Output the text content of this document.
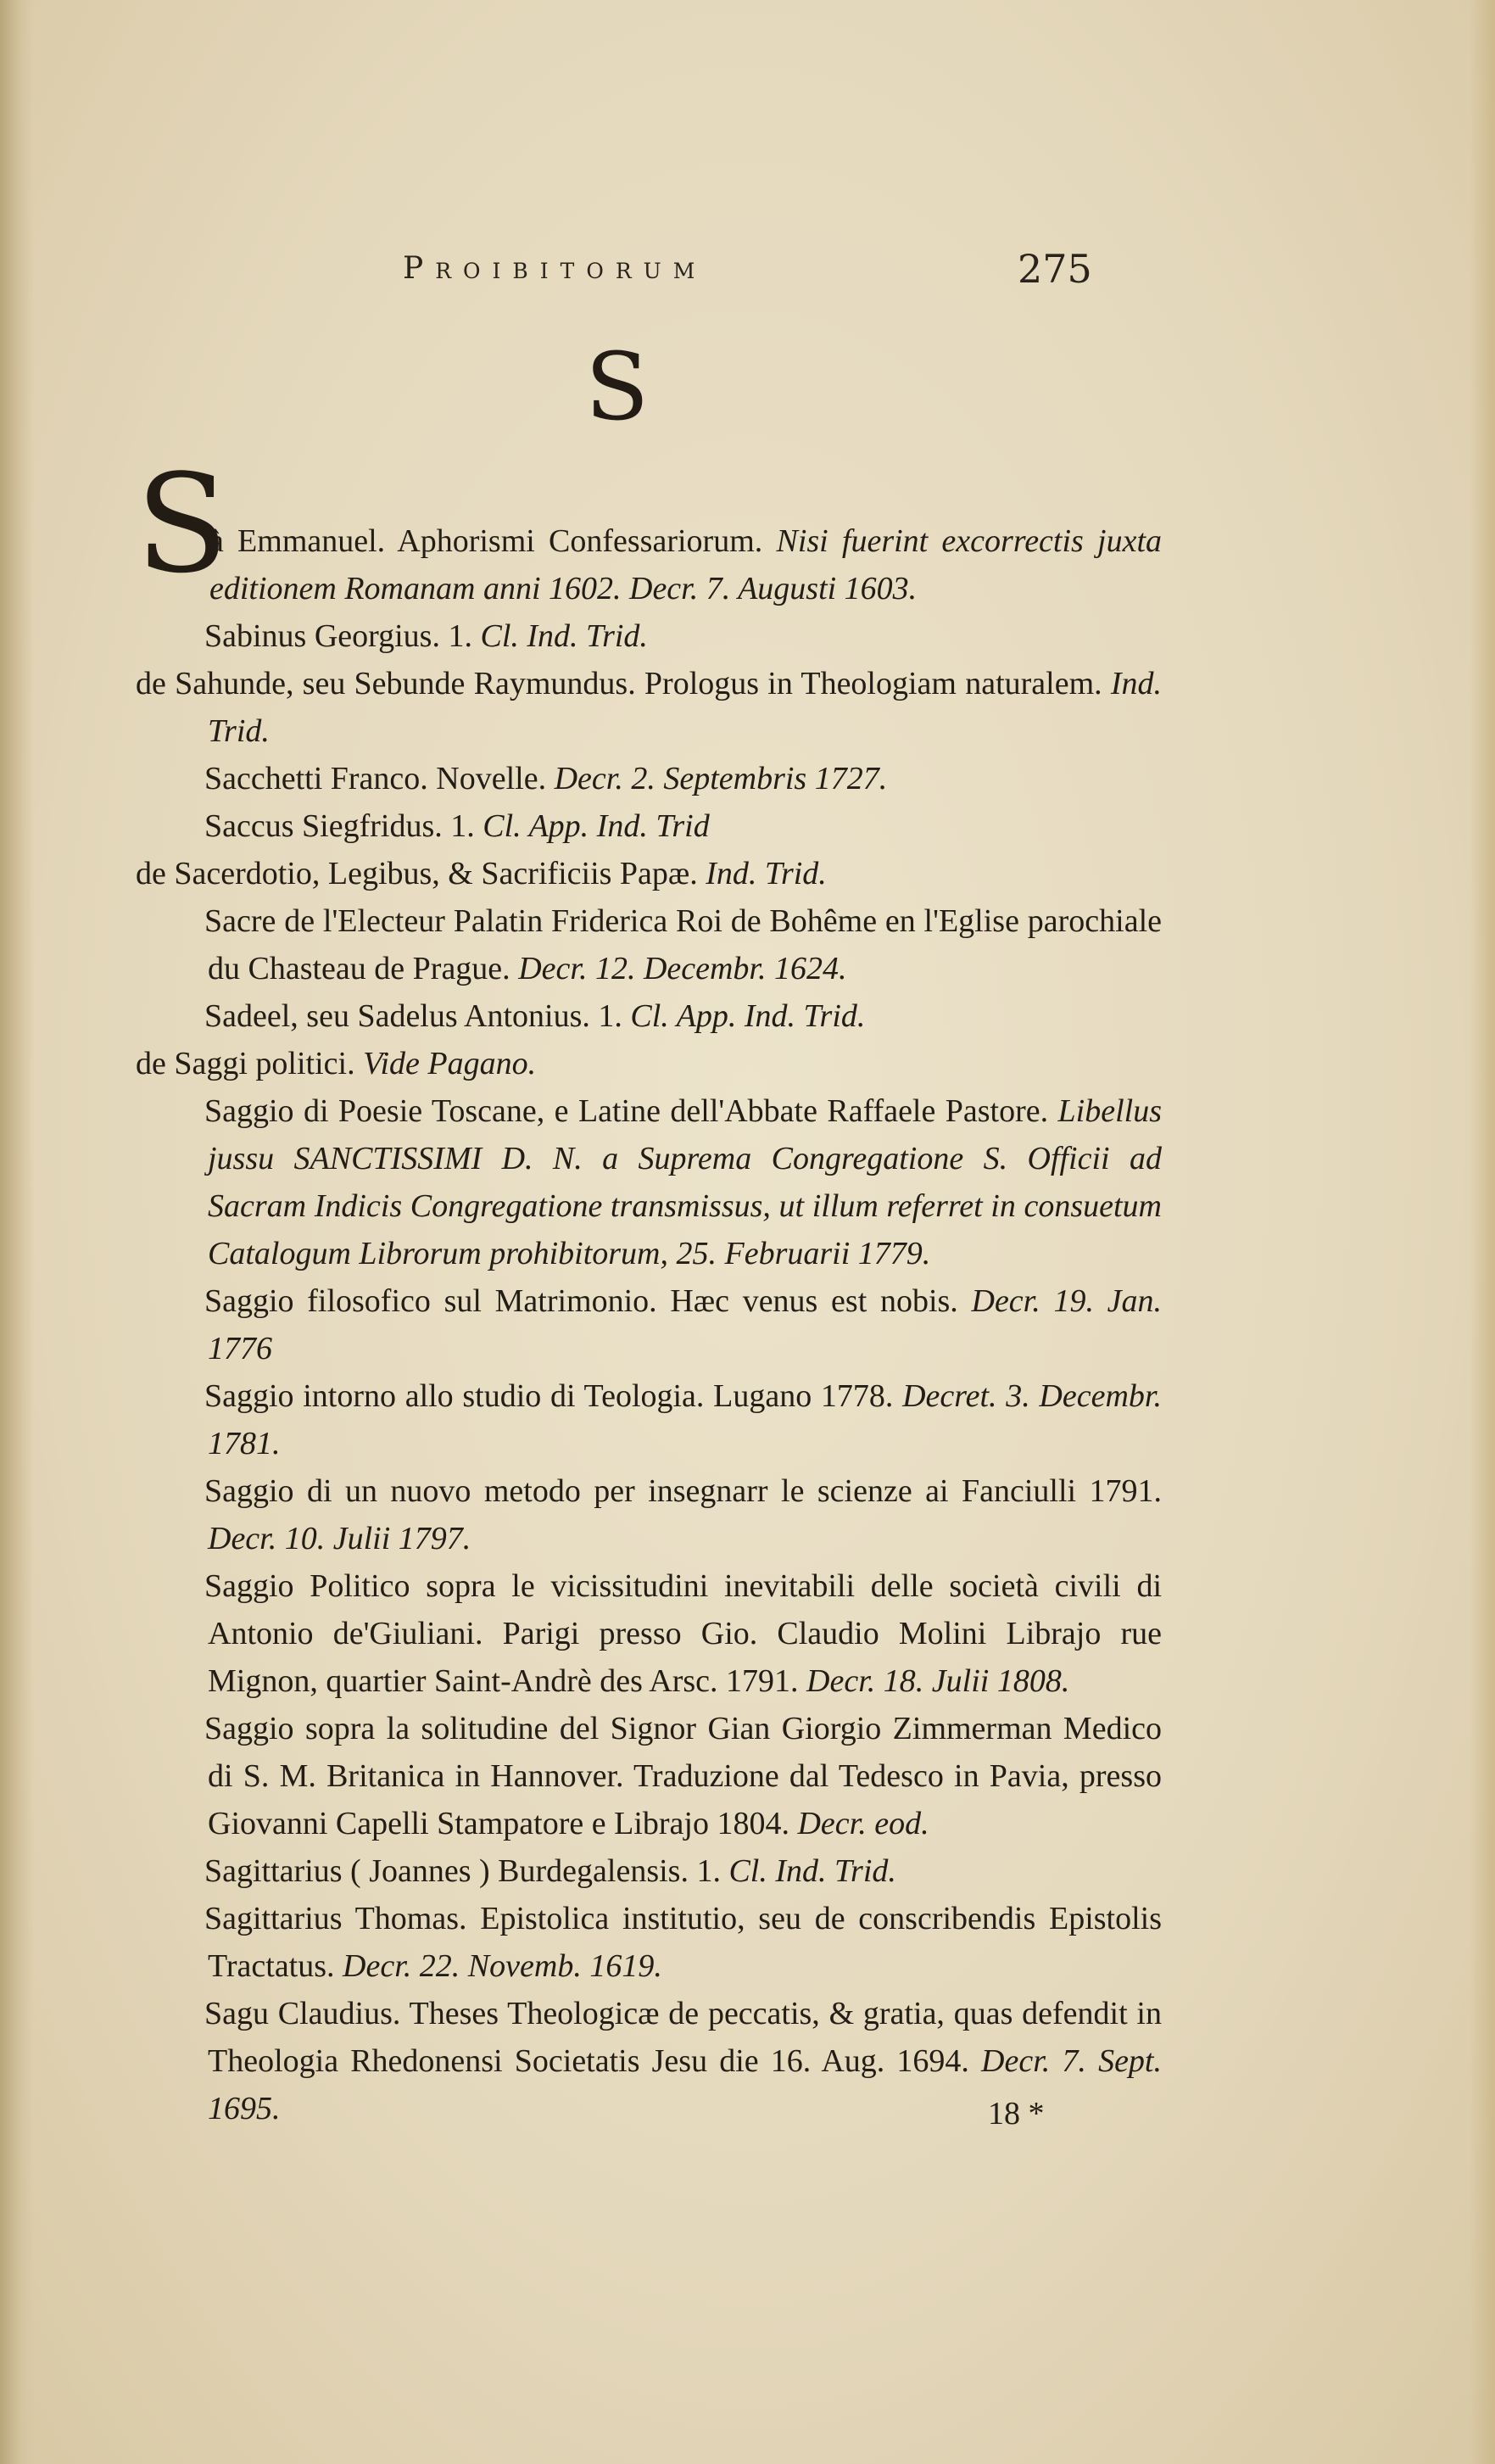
Proibitorum	275
S
S

à Emmanuel. Aphorismi Confessariorum. Nisi fuerint excorrectis juxta editionem Romanam anni 1602. Decr. 7. Augusti 1603.

Sabinus Georgius. 1. Cl. Ind. Trid.

de Sahunde, seu Sebunde Raymundus. Prologus in Theologiam naturalem. Ind. Trid.

Sacchetti Franco. Novelle. Decr. 2. Septembris 1727.

Saccus Siegfridus. 1. Cl. App. Ind. Trid

de Sacerdotio, Legibus, & Sacrificiis Papæ. Ind. Trid.

Sacre de l'Electeur Palatin Friderica Roi de Bohême en l'Eglise parochiale du Chasteau de Prague. Decr. 12. Decembr. 1624.

Sadeel, seu Sadelus Antonius. 1. Cl. App. Ind. Trid.

de Saggi politici. Vide Pagano.

Saggio di Poesie Toscane, e Latine dell'Abbate Raffaele Pastore. Libellus jussu SANCTISSIMI D. N. a Suprema Congregatione S. Officii ad Sacram Indicis Congregatione transmissus, ut illum referret in consuetum Catalogum Librorum prohibitorum, 25. Februarii 1779.

Saggio filosofico sul Matrimonio. Hæc venus est nobis. Decr. 19. Jan. 1776

Saggio intorno allo studio di Teologia. Lugano 1778. Decret. 3. Decembr. 1781.

Saggio di un nuovo metodo per insegnarr le scienze ai Fanciulli 1791. Decr. 10. Julii 1797.

Saggio Politico sopra le vicissitudini inevitabili delle società civili di Antonio de'Giuliani. Parigi presso Gio. Claudio Molini Librajo rue Mignon, quartier Saint-Andrè des Arsc. 1791. Decr. 18. Julii 1808.

Saggio sopra la solitudine del Signor Gian Giorgio Zimmerman Medico di S. M. Britanica in Hannover. Traduzione dal Tedesco in Pavia, presso Giovanni Capelli Stampatore e Librajo 1804. Decr. eod.

Sagittarius ( Joannes ) Burdegalensis. 1. Cl. Ind. Trid.

Sagittarius Thomas. Epistolica institutio, seu de conscribendis Epistolis Tractatus. Decr. 22. Novemb. 1619.

Sagu Claudius. Theses Theologicæ de peccatis, & gratia, quas defendit in Theologia Rhedonensi Societatis Jesu die 16. Aug. 1694. Decr. 7. Sept. 1695.	18 *
